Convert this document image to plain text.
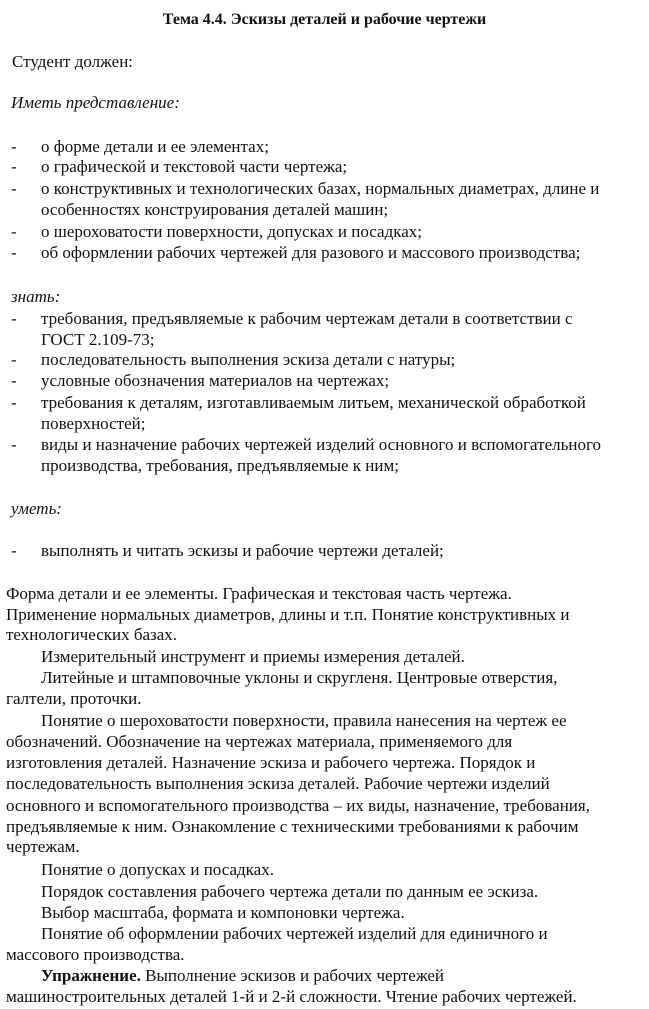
Тема 4.4. Эскизы деталей и рабочие чертежи
Студент должен:
Иметь представление:
- о форме детали и ее элементах;
- о графической и текстовой части чертежа;
- о конструктивных и технологических базах, нормальных диаметрах, длине и
особенностях конструирования деталей машин;
- о шероховатости поверхности, допусках и посадках;
- об оформлении рабочих чертежей для разового и массового производства;
знать:
- требования, предъявляемые к рабочим чертежам детали в соответствии с
ГОСТ 2.109-73;
- последовательность выполнения эскиза детали с натуры;
- условные обозначения материалов на чертежах;
- требования к деталям, изготавливаемым литьем, механической обработкой
поверхностей;
- виды и назначение рабочих чертежей изделий основного и вспомогательного
производства, требования, предъявляемые к ним;
уметь:
- выполнять и читать эскизы и рабочие чертежи деталей;
Форма детали и ее элементы. Графическая и текстовая часть чертежа.
Применение нормальных диаметров, длины и т.п. Понятие конструктивных и
технологических базах.
Измерительный инструмент и приемы измерения деталей.
Литейные и штамповочные уклоны и скругленя. Центровые отверстия,
галтели, проточки.
Понятие о шероховатости поверхности, правила нанесения на чертеж ее
обозначений. Обозначение на чертежах материала, применяемого для
изготовления деталей. Назначение эскиза и рабочего чертежа. Порядок и
последовательность выполнения эскиза деталей. Рабочие чертежи изделий
основного и вспомогательного производства – их виды, назначение, требования,
предъявляемые к ним. Ознакомление с техническими требованиями к рабочим
чертежам.
Понятие о допусках и посадках.
Порядок составления рабочего чертежа детали по данным ее эскиза.
Выбор масштаба, формата и компоновки чертежа.
Понятие об оформлении рабочих чертежей изделий для единичного и
массового производства.
Упражнение. Выполнение эскизов и рабочих чертежей
машиностроительных деталей 1-й и 2-й сложности. Чтение рабочих чертежей.
